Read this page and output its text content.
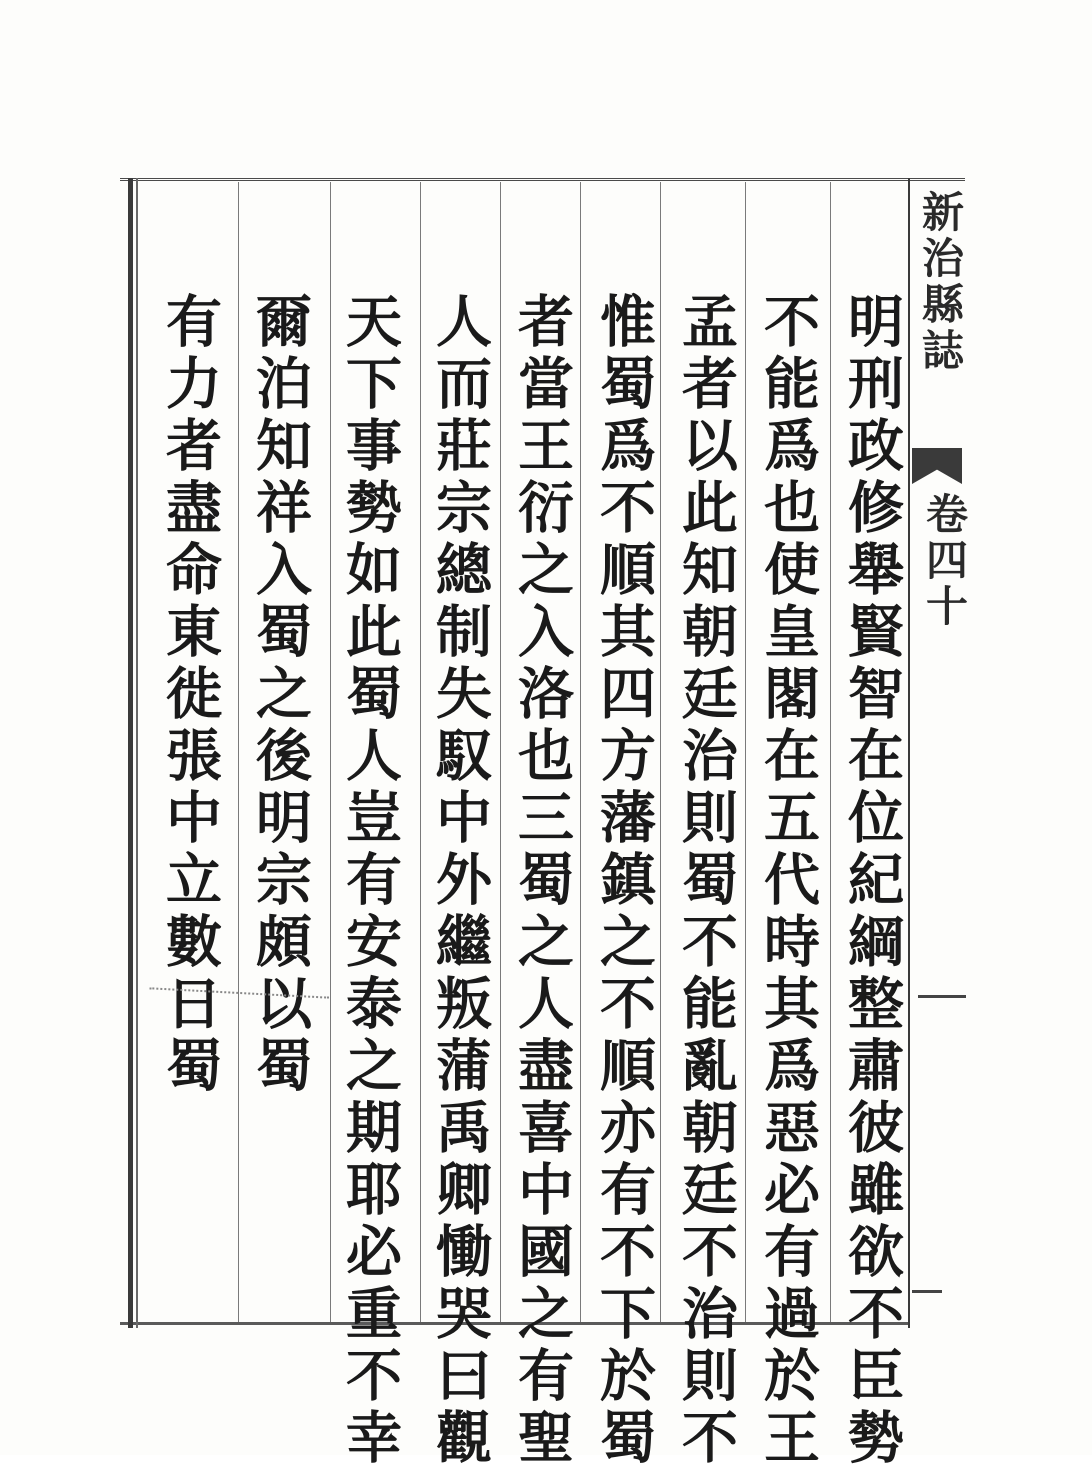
新治縣誌
卷四十
明刑政修舉賢智在位紀綱整肅彼雖欲不臣勢
不能爲也使皇閣在五代時其爲惡必有過於王
孟者以此知朝廷治則蜀不能亂朝廷不治則不
惟蜀爲不順其四方藩鎮之不順亦有不下於蜀
者當王衍之入洛也三蜀之人盡喜中國之有聖
人而莊宗總制失馭中外繼叛蒲禹卿慟哭曰觀
天下事勢如此蜀人豈有安泰之期耶必重不幸
爾泊知祥入蜀之後明宗頗以蜀
有力者盡命東徙張中立數日蜀
